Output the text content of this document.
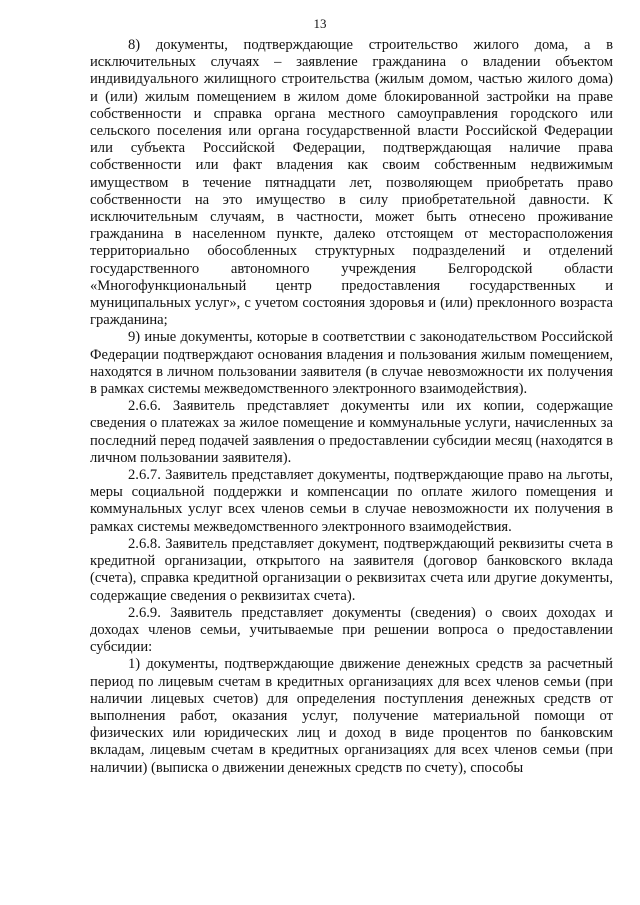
13

8) документы, подтверждающие строительство жилого дома, а в исключительных случаях – заявление гражданина о владении объектом индивидуального жилищного строительства (жилым домом, частью жилого дома) и (или) жилым помещением в жилом доме блокированной застройки на праве собственности и справка органа местного самоуправления городского или сельского поселения или органа государственной власти Российской Федерации или субъекта Российской Федерации, подтверждающая наличие права собственности или факт владения как своим собственным недвижимым имуществом в течение пятнадцати лет, позволяющем приобретать право собственности на это имущество в силу приобретательной давности. К исключительным случаям, в частности, может быть отнесено проживание гражданина в населенном пункте, далеко отстоящем от месторасположения территориально обособленных структурных подразделений и отделений государственного автономного учреждения Белгородской области «Многофункциональный центр предоставления государственных и муниципальных услуг», с учетом состояния здоровья и (или) преклонного возраста гражданина;

9) иные документы, которые в соответствии с законодательством Российской Федерации подтверждают основания владения и пользования жилым помещением, находятся в личном пользовании заявителя (в случае невозможности их получения в рамках системы межведомственного электронного взаимодействия).

2.6.6. Заявитель представляет документы или их копии, содержащие сведения о платежах за жилое помещение и коммунальные услуги, начисленных за последний перед подачей заявления о предоставлении субсидии месяц (находятся в личном пользовании заявителя).

2.6.7. Заявитель представляет документы, подтверждающие право на льготы, меры социальной поддержки и компенсации по оплате жилого помещения и коммунальных услуг всех членов семьи в случае невозможности их получения в рамках системы межведомственного электронного взаимодействия.

2.6.8. Заявитель представляет документ, подтверждающий реквизиты счета в кредитной организации, открытого на заявителя (договор банковского вклада (счета), справка кредитной организации о реквизитах счета или другие документы, содержащие сведения о реквизитах счета).

2.6.9. Заявитель представляет документы (сведения) о своих доходах и доходах членов семьи, учитываемые при решении вопроса о предоставлении субсидии:

1) документы, подтверждающие движение денежных средств за расчетный период по лицевым счетам в кредитных организациях для всех членов семьи (при наличии лицевых счетов) для определения поступления денежных средств от выполнения работ, оказания услуг, получение материальной помощи от физических или юридических лиц и доход в виде процентов по банковским вкладам, лицевым счетам в кредитных организациях для всех членов семьи (при наличии) (выписка о движении денежных средств по счету), способы
